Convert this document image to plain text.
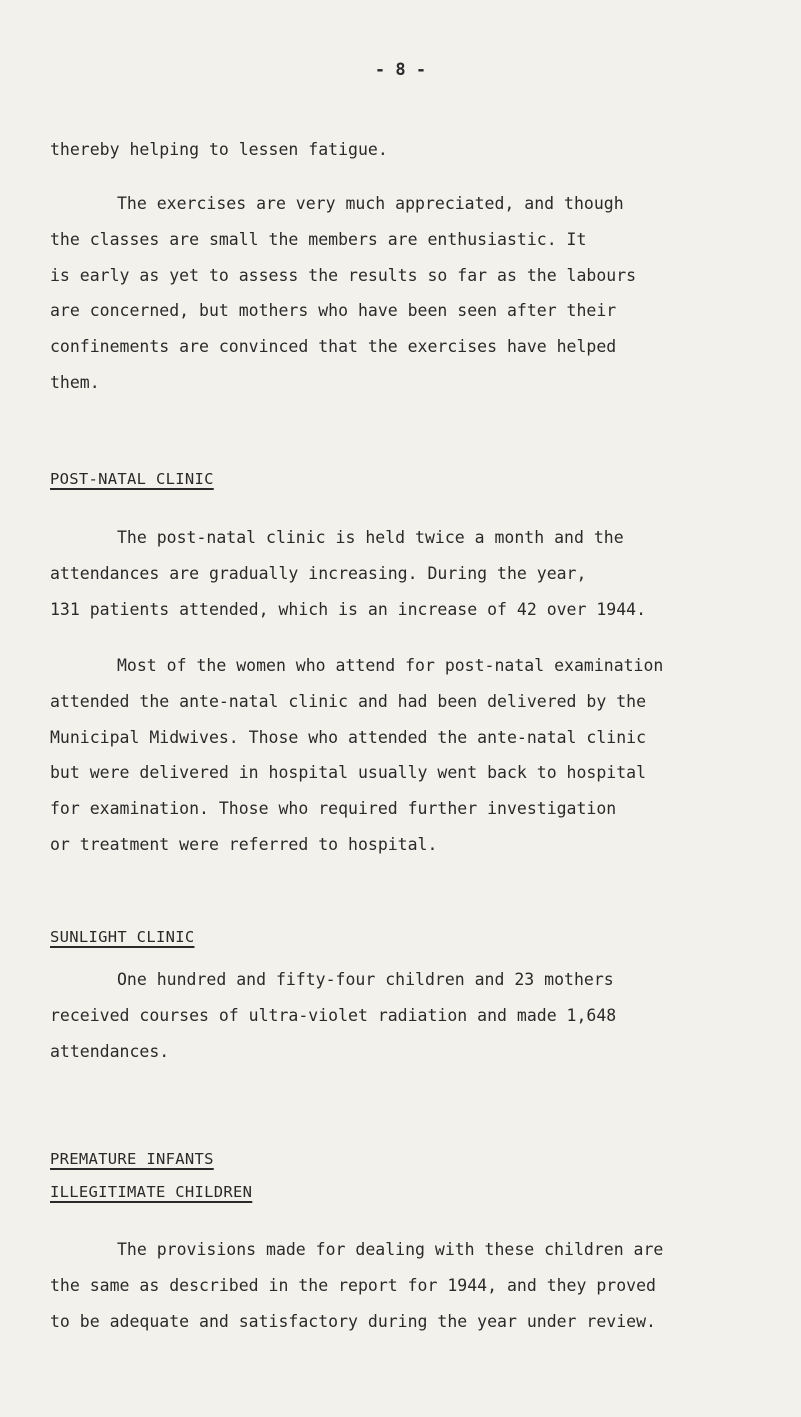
- 8 -
thereby helping to lessen fatigue.
The exercises are very much appreciated, and though
the classes are small the members are enthusiastic. It
is early as yet to assess the results so far as the labours
are concerned, but mothers who have been seen after their
confinements are convinced that the exercises have helped
them.
POST-NATAL CLINIC
The post-natal clinic is held twice a month and the
attendances are gradually increasing. During the year,
131 patients attended, which is an increase of 42 over 1944.
Most of the women who attend for post-natal examination
attended the ante-natal clinic and had been delivered by the
Municipal Midwives. Those who attended the ante-natal clinic
but were delivered in hospital usually went back to hospital
for examination. Those who required further investigation
or treatment were referred to hospital.
SUNLIGHT CLINIC
One hundred and fifty-four children and 23 mothers
received courses of ultra-violet radiation and made 1,648
attendances.
PREMATURE INFANTS
ILLEGITIMATE CHILDREN
The provisions made for dealing with these children are
the same as described in the report for 1944, and they proved
to be adequate and satisfactory during the year under review.
